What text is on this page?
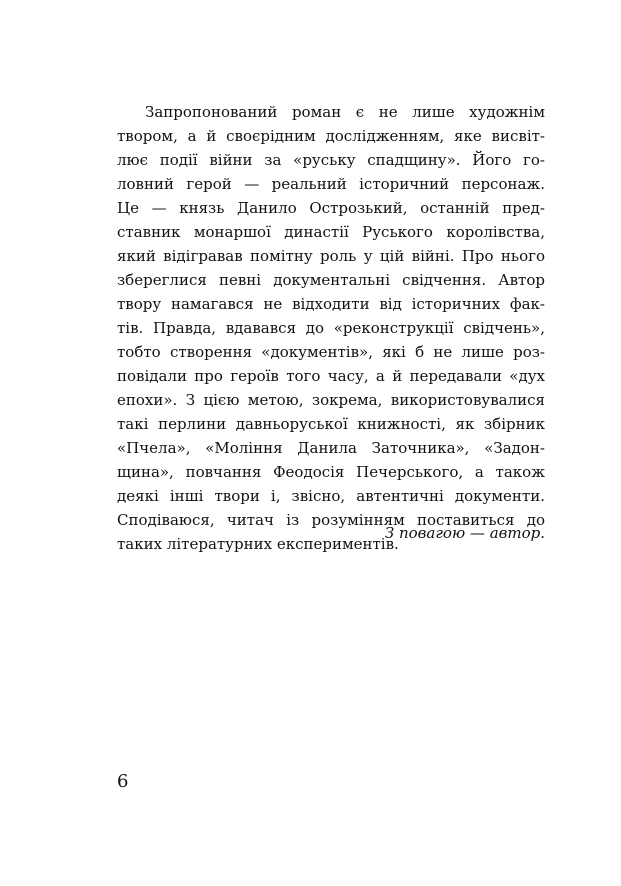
Запропонований роман є не лише художнім
твором, а й своєрідним дослідженням, яке висвіт-
лює події війни за «руську спадщину». Його го-
ловний герой — реальний історичний персонаж.
Це — князь Данило Острозький, останній пред-
ставник монаршої династії Руського королівства,
який відігравав помітну роль у цій війні. Про нього
збереглися певні документальні свідчення. Автор
твору намагався не відходити від історичних фак-
тів. Правда, вдавався до «реконструкції свідчень»,
тобто створення «документів», які б не лише роз-
повідали про героїв того часу, а й передавали «дух
епохи». З цією метою, зокрема, використовувалися
такі перлини давньоруської книжності, як збірник
«Пчела», «Моління Данила Заточника», «Задон-
щина», повчання Феодосія Печерського, а також
деякі інші твори і, звісно, автентичні документи.
Сподіваюся, читач із розумінням поставиться до
таких літературних експериментів.

З повагою — автор.

6
